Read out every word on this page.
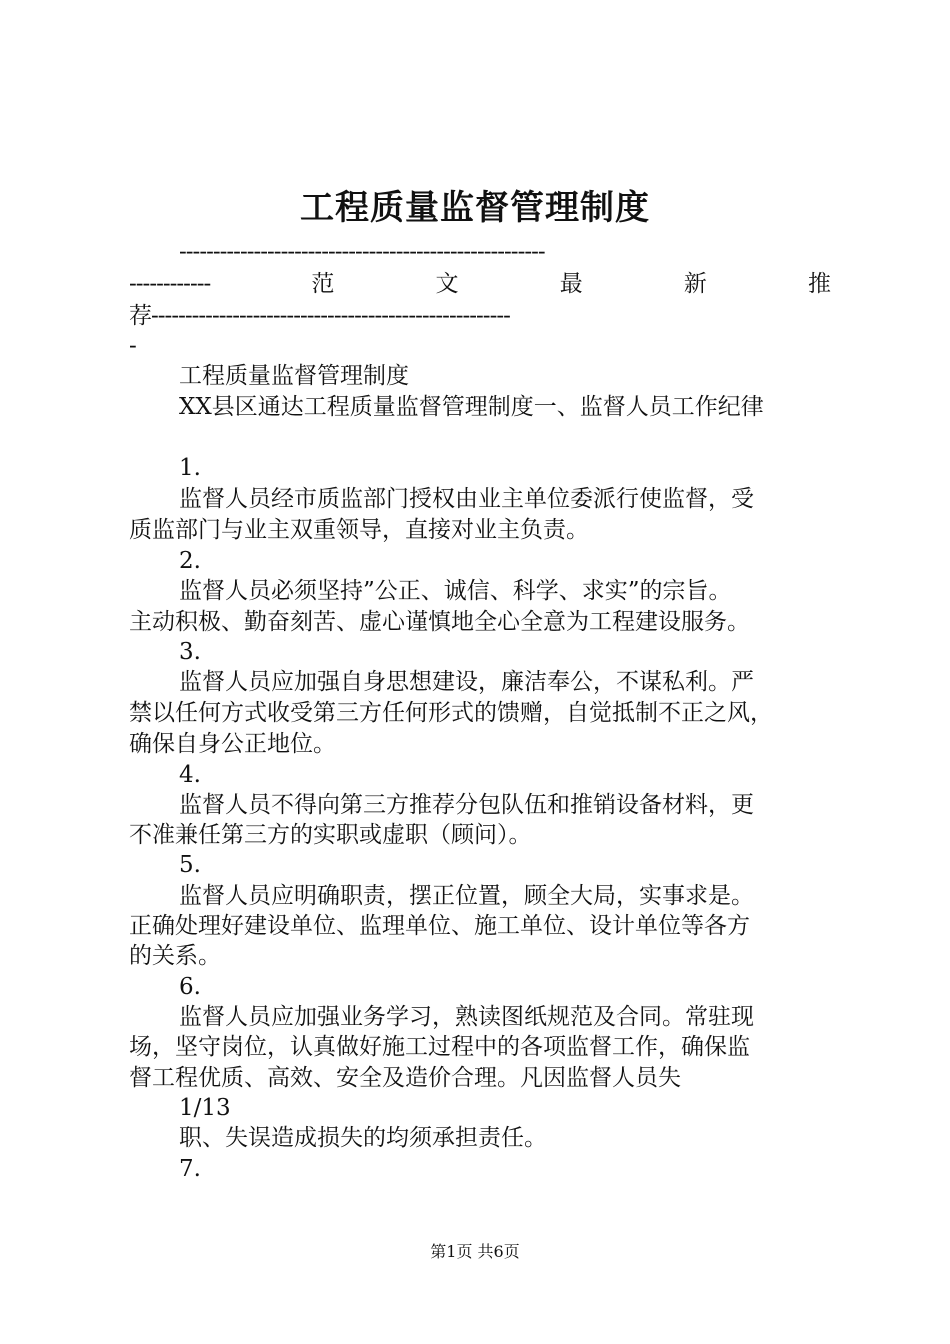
工程质量监督管理制度
------------------------------------------------------
------------	范	文	最	新	推
荐-----------------------------------------------------
-
工程质量监督管理制度
XX县区通达工程质量监督管理制度一、监督人员工作纪律
1.
监督人员经市质监部门授权由业主单位委派行使监督，受
质监部门与业主双重领导，直接对业主负责。
2.
监督人员必须坚持”公正、诚信、科学、求实”的宗旨。
主动积极、勤奋刻苦、虚心谨慎地全心全意为工程建设服务。
3.
监督人员应加强自身思想建设，廉洁奉公，不谋私利。严
禁以任何方式收受第三方任何形式的馈赠，自觉抵制不正之风，
确保自身公正地位。
4.
监督人员不得向第三方推荐分包队伍和推销设备材料，更
不准兼任第三方的实职或虚职（顾问）。
5.
监督人员应明确职责，摆正位置，顾全大局，实事求是。
正确处理好建设单位、监理单位、施工单位、设计单位等各方
的关系。
6.
监督人员应加强业务学习，熟读图纸规范及合同。常驻现
场，坚守岗位，认真做好施工过程中的各项监督工作，确保监
督工程优质、高效、安全及造价合理。凡因监督人员失
1/13
职、失误造成损失的均须承担责任。
7.
第1页 共6页
